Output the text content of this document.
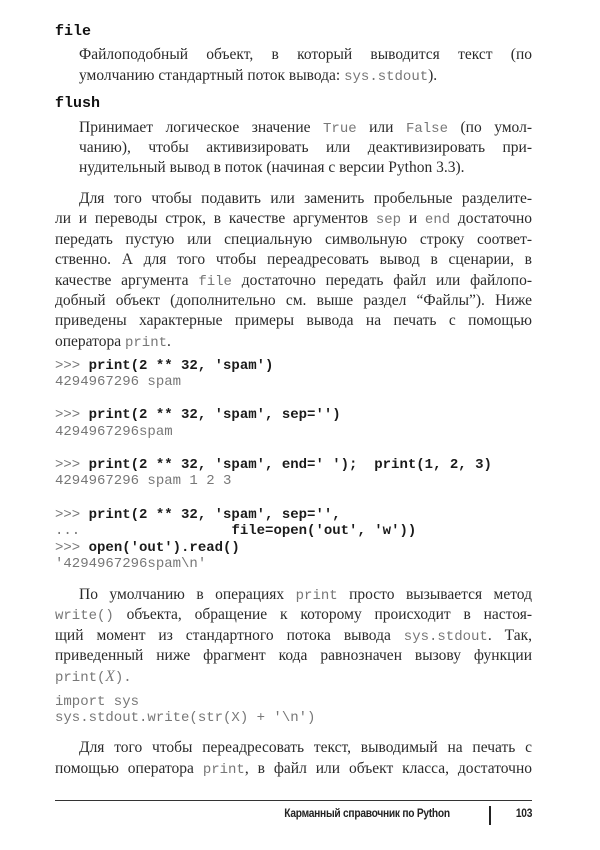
file
Файлоподобный объект, в который выводится текст (по
умолчанию стандартный поток вывода: sys.stdout).
flush
Принимает логическое значение True или False (по умол-
чанию), чтобы активизировать или деактивизировать при-
нудительный вывод в поток (начиная с версии Python 3.3).
Для того чтобы подавить или заменить пробельные разделите-
ли и переводы строк, в качестве аргументов sep и end достаточно
передать пустую или специальную символьную строку соответ-
ственно. А для того чтобы переадресовать вывод в сценарии, в
качестве аргумента file достаточно передать файл или файлопо-
добный объект (дополнительно см. выше раздел “Файлы”). Ниже
приведены характерные примеры вывода на печать с помощью
оператора print.
>>> print(2 ** 32, 'spam')
4294967296 spam
>>> print(2 ** 32, 'spam', sep='')
4294967296spam
>>> print(2 ** 32, 'spam', end=' ');  print(1, 2, 3)
4294967296 spam 1 2 3
>>> print(2 ** 32, 'spam', sep='',
...                  file=open('out', 'w'))
>>> open('out').read()
'4294967296spam\n'
По умолчанию в операциях print просто вызывается метод
write() объекта, обращение к которому происходит в настоя-
щий момент из стандартного потока вывода sys.stdout. Так,
приведенный ниже фрагмент кода равнозначен вызову функции
print(X).
import sys
sys.stdout.write(str(X) + '\n')
Для того чтобы переадресовать текст, выводимый на печать с
помощью оператора print, в файл или объект класса, достаточно
Карманный справочник по Python	103
